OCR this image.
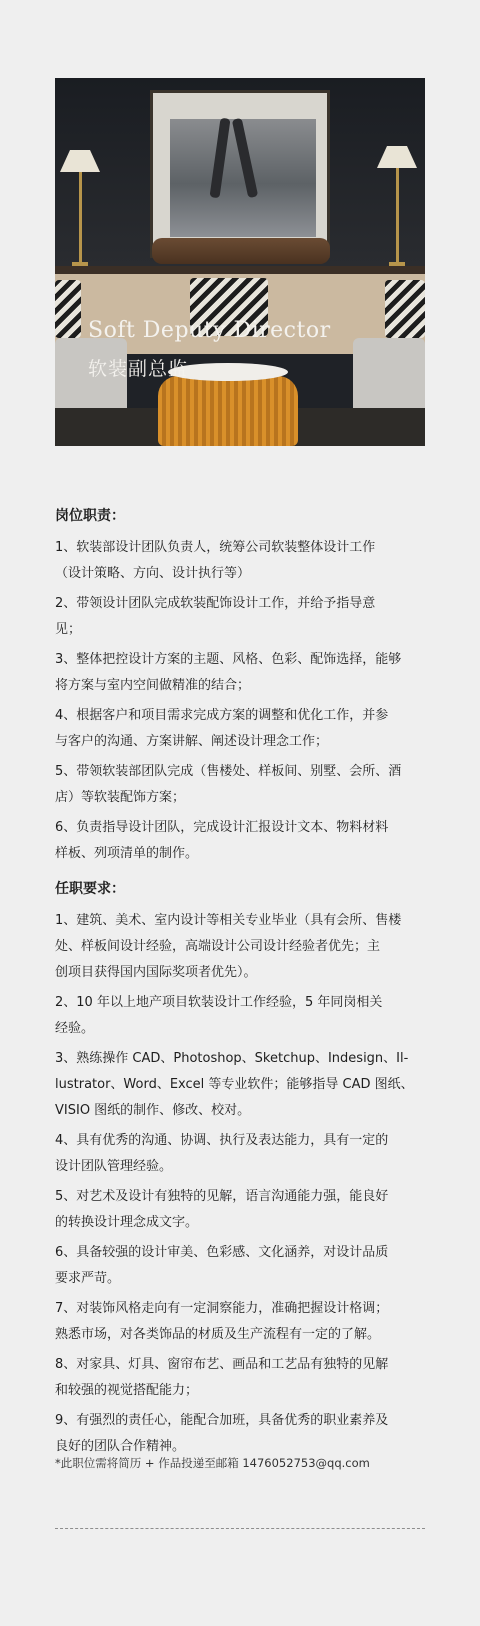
Soft Deputy Director
软装副总监
岗位职责：
1、软装部设计团队负责人，统筹公司软装整体设计工作
（设计策略、方向、设计执行等）
2、带领设计团队完成软装配饰设计工作，并给予指导意
见；
3、整体把控设计方案的主题、风格、色彩、配饰选择，能够
将方案与室内空间做精准的结合；
4、根据客户和项目需求完成方案的调整和优化工作，并参
与客户的沟通、方案讲解、阐述设计理念工作；
5、带领软装部团队完成（售楼处、样板间、别墅、会所、酒
店）等软装配饰方案；
6、负责指导设计团队，完成设计汇报设计文本、物料材料
样板、列项清单的制作。
任职要求：
1、建筑、美术、室内设计等相关专业毕业（具有会所、售楼
处、样板间设计经验，高端设计公司设计经验者优先；主
创项目获得国内国际奖项者优先）。
2、10 年以上地产项目软装设计工作经验，5 年同岗相关
经验。
3、熟练操作 CAD、Photoshop、Sketchup、Indesign、Il-
lustrator、Word、Excel 等专业软件；能够指导 CAD 图纸、
VISIO 图纸的制作、修改、校对。
4、具有优秀的沟通、协调、执行及表达能力，具有一定的
设计团队管理经验。
5、对艺术及设计有独特的见解，语言沟通能力强，能良好
的转换设计理念成文字。
6、具备较强的设计审美、色彩感、文化涵养，对设计品质
要求严苛。
7、对装饰风格走向有一定洞察能力，准确把握设计格调；
熟悉市场，对各类饰品的材质及生产流程有一定的了解。
8、对家具、灯具、窗帘布艺、画品和工艺品有独特的见解
和较强的视觉搭配能力；
9、有强烈的责任心，能配合加班，具备优秀的职业素养及
良好的团队合作精神。
*此职位需将简历 + 作品投递至邮箱 1476052753@qq.com
